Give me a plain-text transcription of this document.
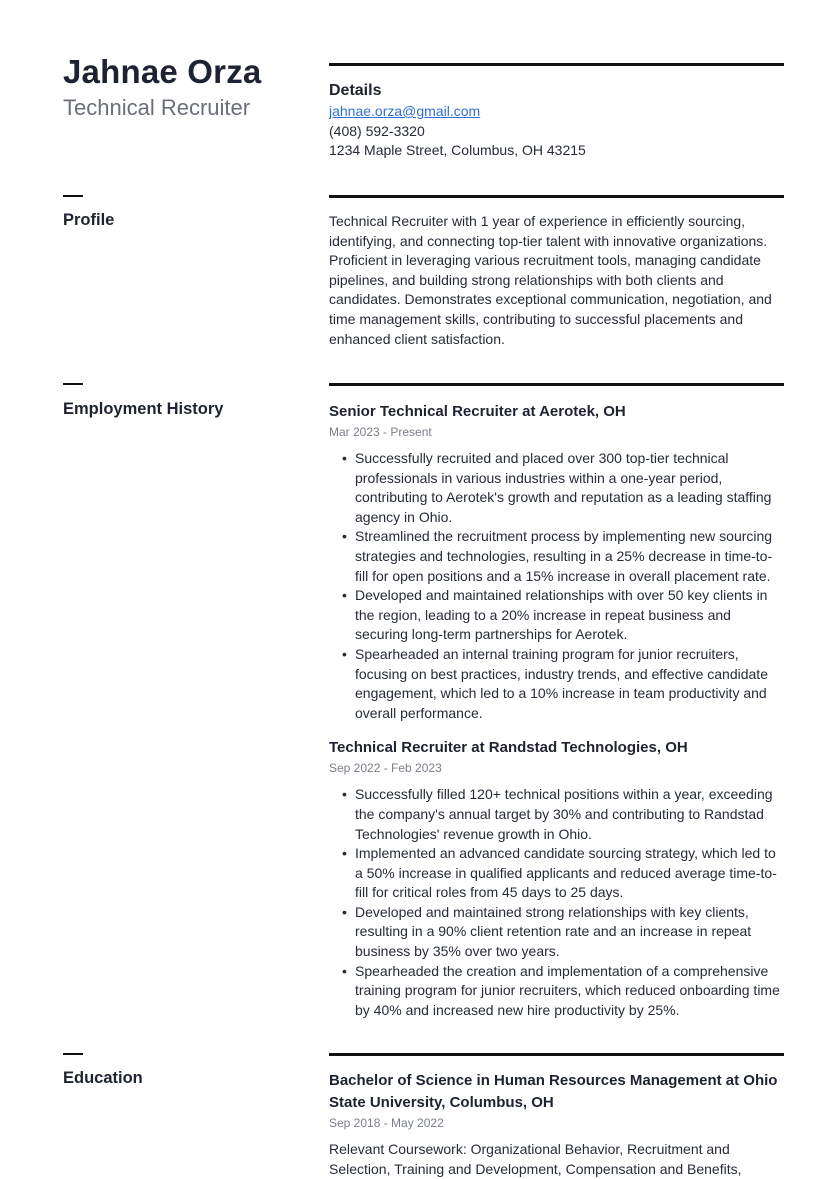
Jahnae Orza
Technical Recruiter
Details
jahnae.orza@gmail.com
(408) 592-3320
1234 Maple Street, Columbus, OH 43215
Profile	Technical Recruiter with 1 year of experience in efficiently sourcing, identifying, and connecting top-tier talent with innovative organizations. Proficient in leveraging various recruitment tools, managing candidate pipelines, and building strong relationships with both clients and candidates. Demonstrates exceptional communication, negotiation, and time management skills, contributing to successful placements and enhanced client satisfaction.
Employment History	Senior Technical Recruiter at Aerotek, OH
Mar 2023 - Present
• Successfully recruited and placed over 300 top-tier technical professionals in various industries within a one-year period, contributing to Aerotek's growth and reputation as a leading staffing agency in Ohio.
• Streamlined the recruitment process by implementing new sourcing strategies and technologies, resulting in a 25% decrease in time-to-fill for open positions and a 15% increase in overall placement rate.
• Developed and maintained relationships with over 50 key clients in the region, leading to a 20% increase in repeat business and securing long-term partnerships for Aerotek.
• Spearheaded an internal training program for junior recruiters, focusing on best practices, industry trends, and effective candidate engagement, which led to a 10% increase in team productivity and overall performance.
Technical Recruiter at Randstad Technologies, OH
Sep 2022 - Feb 2023
• Successfully filled 120+ technical positions within a year, exceeding the company's annual target by 30% and contributing to Randstad Technologies' revenue growth in Ohio.
• Implemented an advanced candidate sourcing strategy, which led to a 50% increase in qualified applicants and reduced average time-to-fill for critical roles from 45 days to 25 days.
• Developed and maintained strong relationships with key clients, resulting in a 90% client retention rate and an increase in repeat business by 35% over two years.
• Spearheaded the creation and implementation of a comprehensive training program for junior recruiters, which reduced onboarding time by 40% and increased new hire productivity by 25%.
Education	Bachelor of Science in Human Resources Management at Ohio State University, Columbus, OH
Sep 2018 - May 2022
Relevant Coursework: Organizational Behavior, Recruitment and Selection, Training and Development, Compensation and Benefits,
